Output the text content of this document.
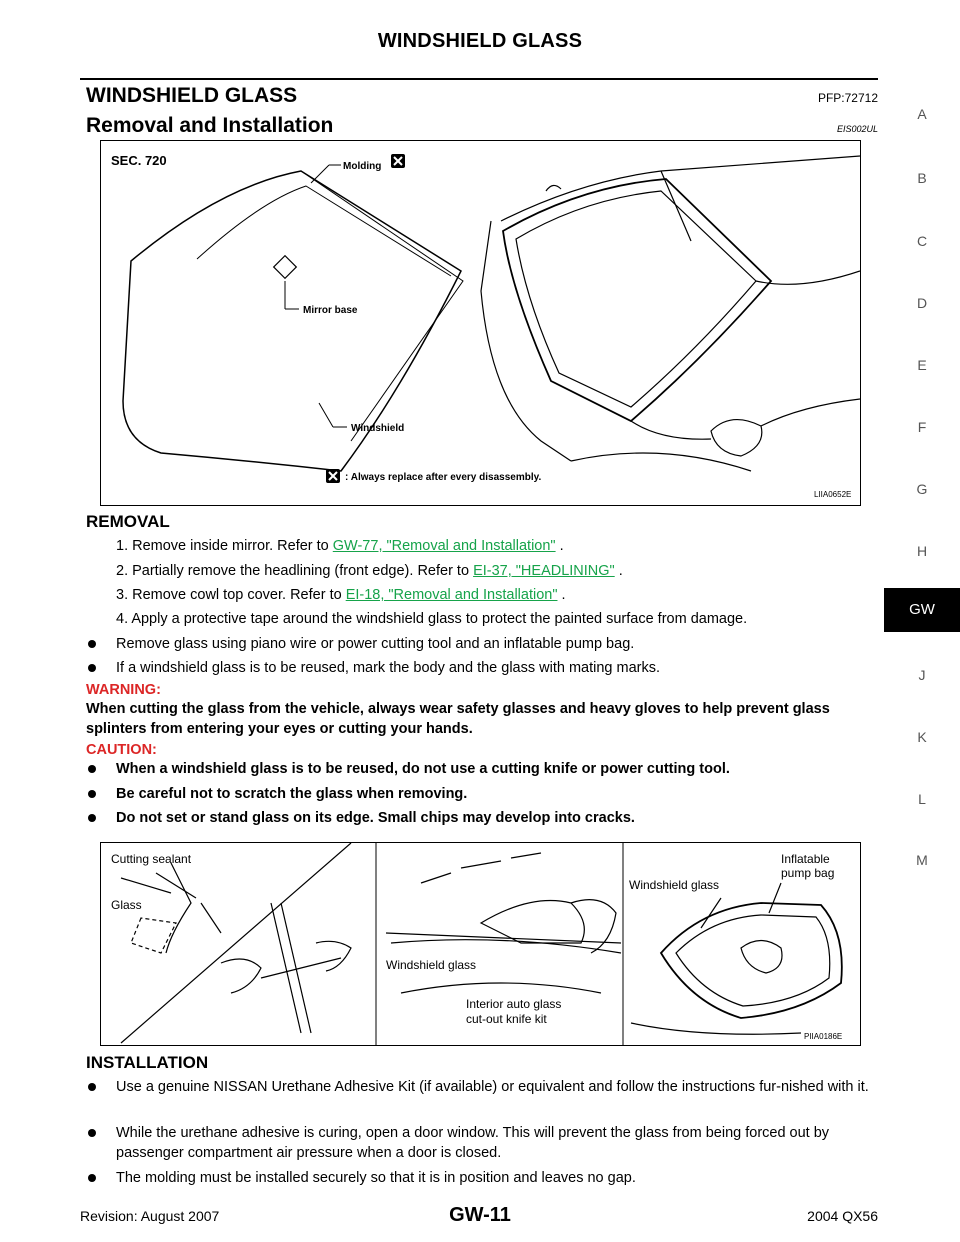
WINDSHIELD GLASS
WINDSHIELD GLASS	PFP:72712
Removal and Installation	EIS002UL
A
B
C
D
E
F
G
H
GW
J
K
L
M
SEC. 720
Mirror base
Molding
Windshield
: Always replace after every disassembly.
LIIA0652E
REMOVAL
1. Remove inside mirror. Refer to GW-77, "Removal and Installation" .
2. Partially remove the headlining (front edge). Refer to EI-37, "HEADLINING" .
3. Remove cowl top cover. Refer to EI-18, "Removal and Installation" .
4. Apply a protective tape around the windshield glass to protect the painted surface from damage.
Remove glass using piano wire or power cutting tool and an inflatable pump bag.
If a windshield glass is to be reused, mark the body and the glass with mating marks.
WARNING:
When cutting the glass from the vehicle, always wear safety glasses and heavy gloves to help prevent glass splinters from entering your eyes or cutting your hands.
CAUTION:
When a windshield glass is to be reused, do not use a cutting knife or power cutting tool.
Be careful not to scratch the glass when removing.
Do not set or stand glass on its edge. Small chips may develop into cracks.
Cutting sealant
Glass
Windshield glass
Interior auto glass
cut-out knife kit
Windshield glass
Inflatable
pump bag
PIIA0186E
INSTALLATION
Use a genuine NISSAN Urethane Adhesive Kit (if available) or equivalent and follow the instructions fur-nished with it.
While the urethane adhesive is curing, open a door window. This will prevent the glass from being forced out by passenger compartment air pressure when a door is closed.
The molding must be installed securely so that it is in position and leaves no gap.
Revision: August 2007	GW-11	2004 QX56
